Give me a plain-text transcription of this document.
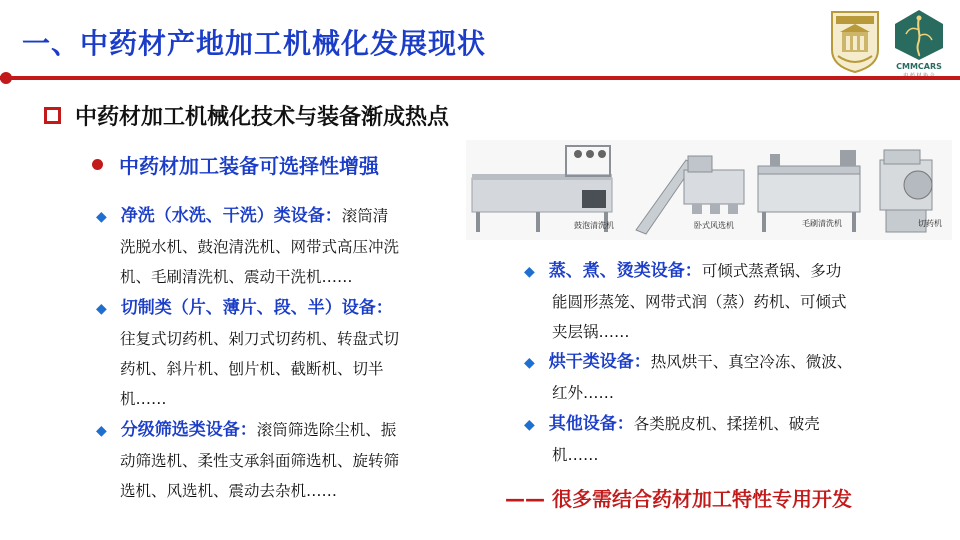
一、中药材产地加工机械化发展现状
CMMCARS
中药材加工机械化技术与装备渐成热点
中药材加工装备可选择性增强
◆ 净洗（水洗、干洗）类设备：滚筒清
洗脱水机、鼓泡清洗机、网带式高压冲洗
机、毛刷清洗机、震动干洗机……
◆ 切制类（片、薄片、段、半）设备：
往复式切药机、剁刀式切药机、转盘式切
药机、斜片机、刨片机、截断机、切半
机……
◆ 分级筛选类设备：滚筒筛选除尘机、振
动筛选机、柔性支承斜面筛选机、旋转筛
选机、风选机、震动去杂机……
鼓泡清洗机	卧式风选机	毛刷清洗机	切药机
◆ 蒸、煮、烫类设备：可倾式蒸煮锅、多功
能圆形蒸笼、网带式润（蒸）药机、可倾式
夹层锅……
◆ 烘干类设备：热风烘干、真空冷冻、微波、
红外……
◆ 其他设备：各类脱皮机、揉搓机、破壳
机……
—— 很多需结合药材加工特性专用开发
